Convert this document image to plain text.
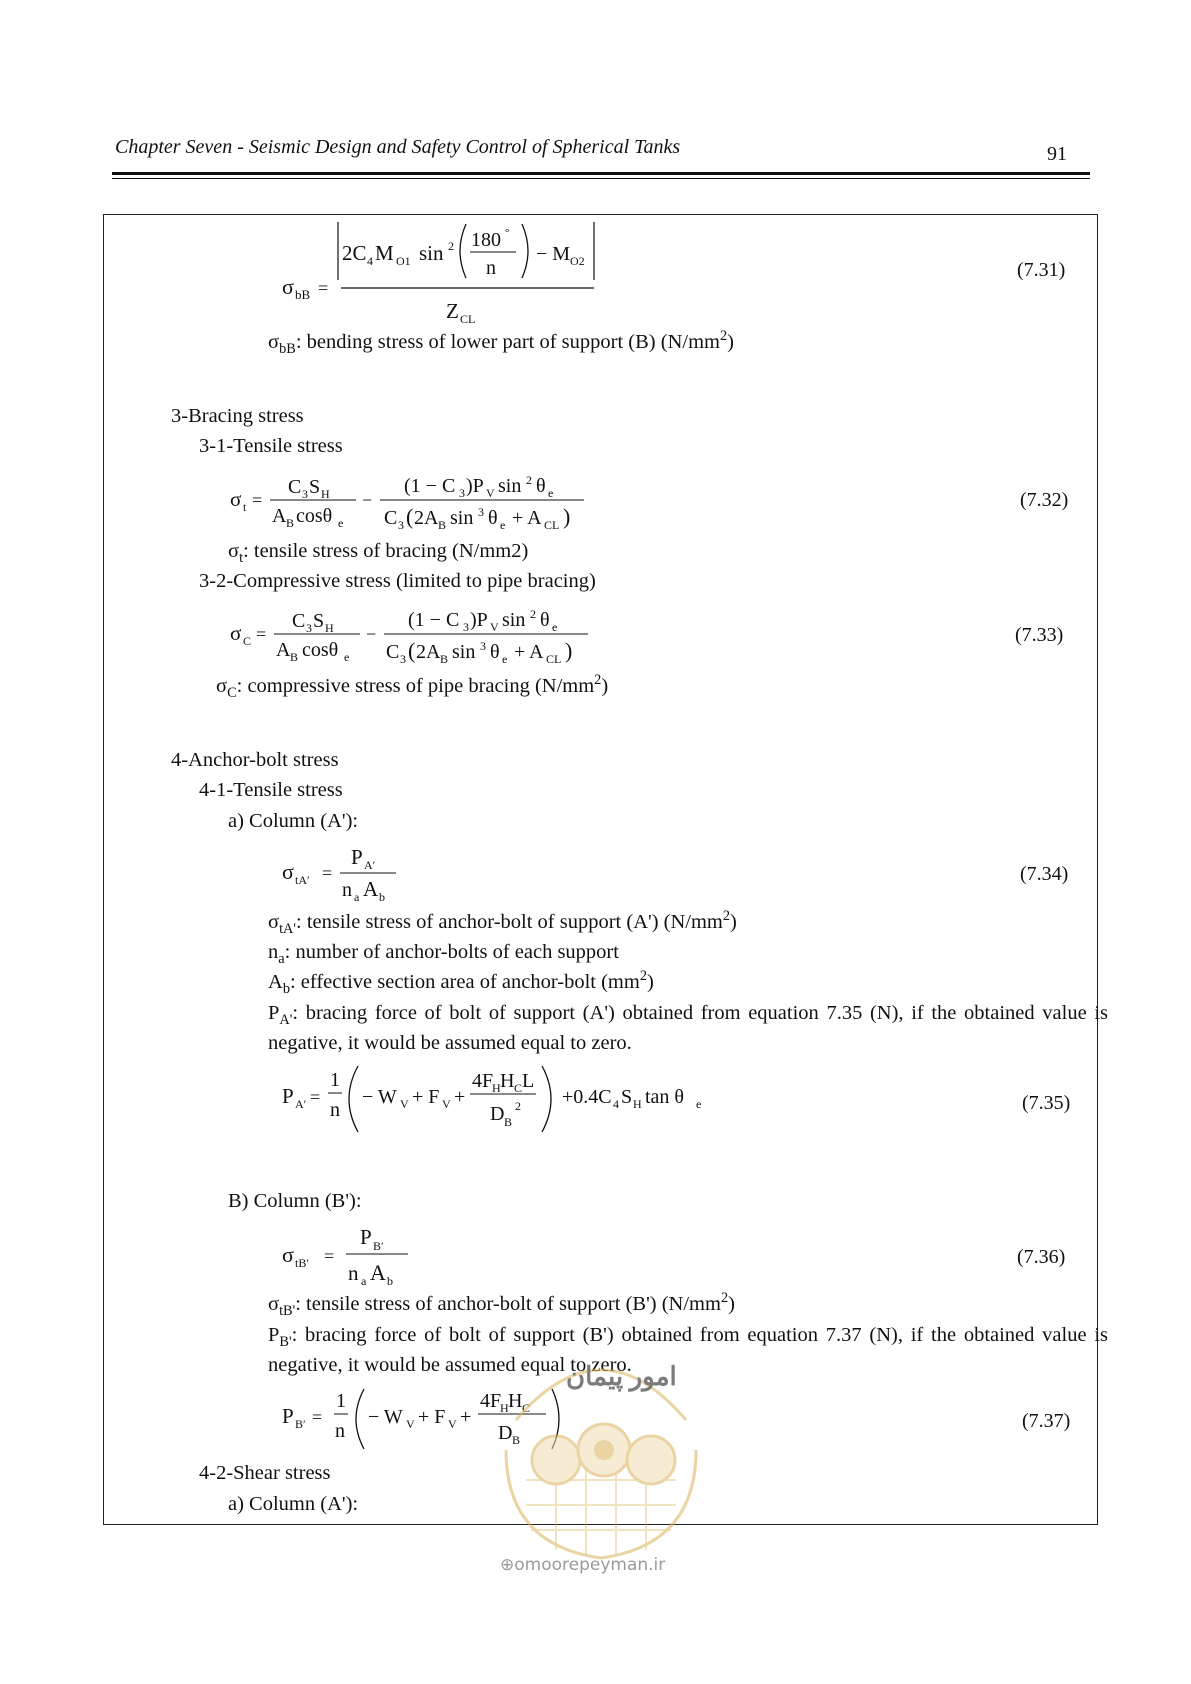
Chapter Seven - Seismic Design and Safety Control of Spherical Tanks	91
σ bB =
2C 4 M O1 sin 2 180 °
n
− M O2
Z CL
(7.31)
$\sigma_{bB}$: bending stress of lower part of support (B) $(N/mm^2)$
3-Bracing stress
3-1-Tensile stress
σ t =
C 3 S H
A B cosθ e
−
(1 − C 3 )P V sin 2 θ e
C 3 ( 2A B sin 3 θ e + A CL )
(7.32)
$\sigma_t$: tensile stress of bracing (N/mm2)
3-2-Compressive stress (limited to pipe bracing)
σ C =
C 3 S H
A B cosθ e
−
(1 − C 3 )P V sin 2 θ e
C 3 ( 2A B sin 3 θ e + A CL )
(7.33)
$\sigma_C$: compressive stress of pipe bracing $(N/mm^2)$
4-Anchor-bolt stress
4-1-Tensile stress
a) Column (A'):
σ tA′ =
P A′
n a A b
(7.34)
$\sigma_{tA'}$: tensile stress of anchor-bolt of support (A') $(N/mm^2)$
$n_a$: number of anchor-bolts of each support
$A_b$: effective section area of anchor-bolt $(mm^2)$
$P_{A'}$: bracing force of bolt of support (A') obtained from equation 7.35 (N), if the obtained value is negative, it would be assumed equal to zero.
P A′ =
1
n
− W V + F V +
4F
H H C L
D B
2 +0.4C 4 S H tan θ e	(7.35)
B) Column (B'):
σ tB′ =
P B′
n a A b
(7.36)
$\sigma_{tB'}$: tensile stress of anchor-bolt of support (B') $(N/mm^2)$
$P_{B'}$: bracing force of bolt of support (B') obtained from equation 7.37 (N), if the obtained value is negative, it would be assumed equal to zero.
P B′ =
1
n
− W V + F V +
4F
H H C
D B
(7.37)
4-2-Shear stress
a) Column (A'):
امور پیمان
⊕omoorepeyman.ir
